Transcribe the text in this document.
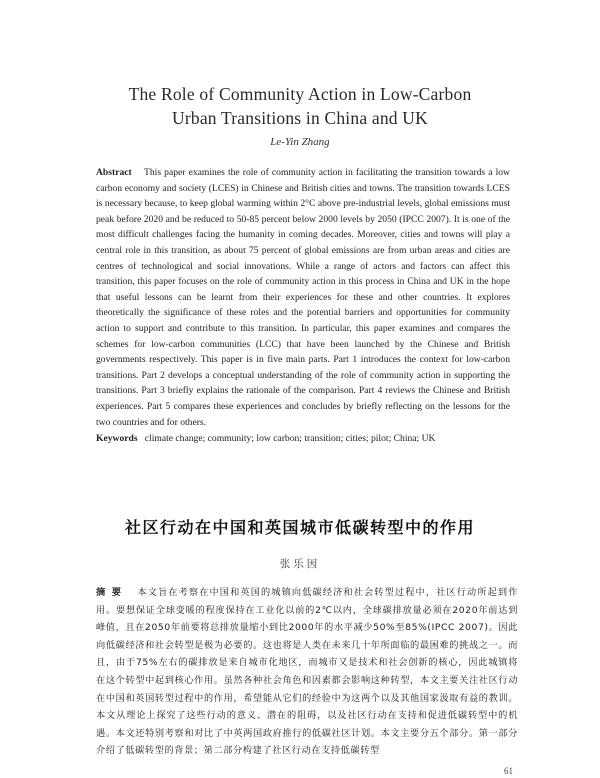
The Role of Community Action in Low-Carbon
Urban Transitions in China and UK
Le-Yin Zhang
Abstract This paper examines the role of community action in facilitating the transition towards a low carbon economy and society (LCES) in Chinese and British cities and towns. The transition towards LCES is necessary because, to keep global warming within 2°C above pre-industrial levels, global emissions must peak before 2020 and be reduced to 50-85 percent below 2000 levels by 2050 (IPCC 2007). It is one of the most difficult challenges facing the humanity in coming decades. Moreover, cities and towns will play a central role in this transition, as about 75 percent of global emissions are from urban areas and cities are centres of technological and social innovations. While a range of actors and factors can affect this transition, this paper focuses on the role of community action in this process in China and UK in the hope that useful lessons can be learnt from their experiences for these and other countries. It explores theoretically the significance of these roles and the potential barriers and opportunities for community action to support and contribute to this transition. In particular, this paper examines and compares the schemes for low-carbon communities (LCC) that have been launched by the Chinese and British governments respectively. This paper is in five main parts. Part 1 introduces the context for low-carbon transitions. Part 2 develops a conceptual understanding of the role of community action in supporting the transitions. Part 3 briefly explains the rationale of the comparison. Part 4 reviews the Chinese and British experiences. Part 5 compares these experiences and concludes by briefly reflecting on the lessons for the two countries and for others.
Keywords climate change; community; low carbon; transition; cities; pilot; China; UK
社区行动在中国和英国城市低碳转型中的作用
张乐因
摘要 本文旨在考察在中国和英国的城镇向低碳经济和社会转型过程中，社区行动所起到作用。要想保证全球变暖的程度保持在工业化以前的2℃以内，全球碳排放量必须在2020年前达到峰值，且在2050年前要将总排放量缩小到比2000年的水平减少50%至85%(IPCC 2007)。因此向低碳经济和社会转型是极为必要的。这也将是人类在未来几十年所面临的最困难的挑战之一。而且，由于75%左右的碳排放是来自城市化地区，而城市又是技术和社会创新的核心，因此城镇将在这个转型中起到核心作用。虽然各种社会角色和因素都会影响这种转型，本文主要关注社区行动在中国和英国转型过程中的作用，希望能从它们的经验中为这两个以及其他国家汲取有益的教训。本文从理论上探究了这些行动的意义、潜在的阻碍，以及社区行动在支持和促进低碳转型中的机遇。本文还特别考察和对比了中英两国政府推行的低碳社区计划。本文主要分五个部分。第一部分介绍了低碳转型的背景；第二部分构建了社区行动在支持低碳转型
61
